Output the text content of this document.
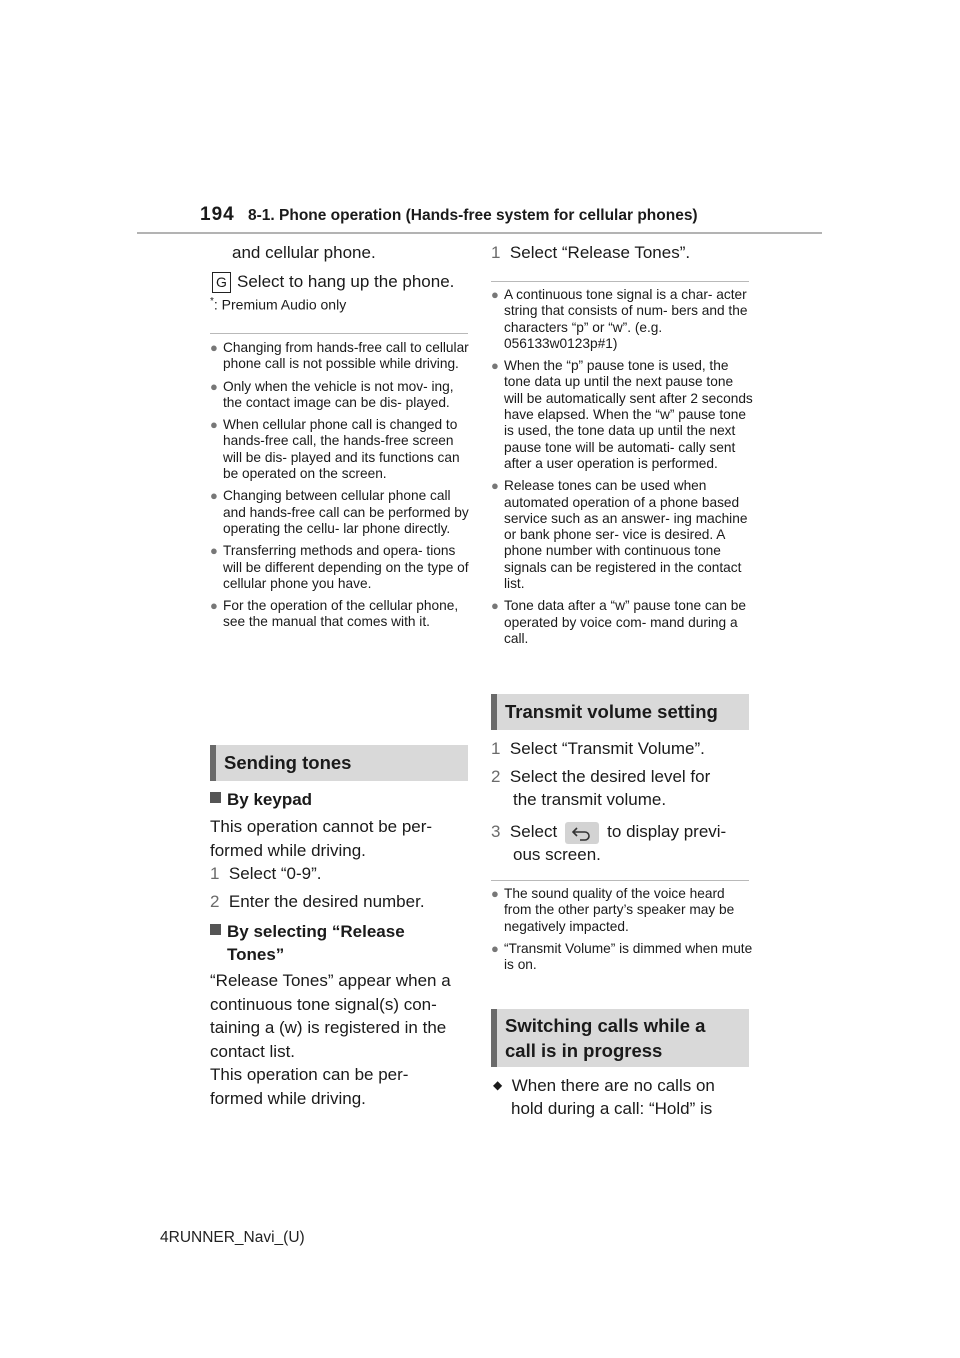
194 8-1. Phone operation (Hands-free system for cellular phones)
and cellular phone.
G Select to hang up the phone.
*: Premium Audio only
● Changing from hands-free call to cellular phone call is not possible while driving.
● Only when the vehicle is not mov- ing, the contact image can be dis- played.
● When cellular phone call is changed to hands-free call, the hands-free screen will be dis- played and its functions can be operated on the screen.
● Changing between cellular phone call and hands-free call can be performed by operating the cellu- lar phone directly.
● Transferring methods and opera- tions will be different depending on the type of cellular phone you have.
● For the operation of the cellular phone, see the manual that comes with it.
Sending tones
By keypad
This operation cannot be per- formed while driving.
1 Select “0-9”.
2 Enter the desired number.
By selecting “Release
Tones”
“Release Tones” appear when a
continuous tone signal(s) con-
taining a (w) is registered in the
contact list.
This operation can be per-
formed while driving.
1 Select “Release Tones”.
● A continuous tone signal is a char- acter string that consists of num- bers and the characters “p” or “w”. (e.g. 056133w0123p#1)
● When the “p” pause tone is used, the tone data up until the next pause tone will be automatically sent after 2 seconds have elapsed. When the “w” pause tone is used, the tone data up until the next pause tone will be automati- cally sent after a user operation is performed.
● Release tones can be used when automated operation of a phone based service such as an answer- ing machine or bank phone ser- vice is desired. A phone number with continuous tone signals can be registered in the contact list.
● Tone data after a “w” pause tone can be operated by voice com- mand during a call.
Transmit volume setting
1 Select “Transmit Volume”.
2 Select the desired level for
the transmit volume.
3 Select	to display previ-
ous screen.
● The sound quality of the voice heard from the other party’s speaker may be negatively impacted.
● “Transmit Volume” is dimmed when mute is on.
Switching calls while a
call is in progress
◆ When there are no calls on
hold during a call: “Hold” is
4RUNNER_Navi_(U)
